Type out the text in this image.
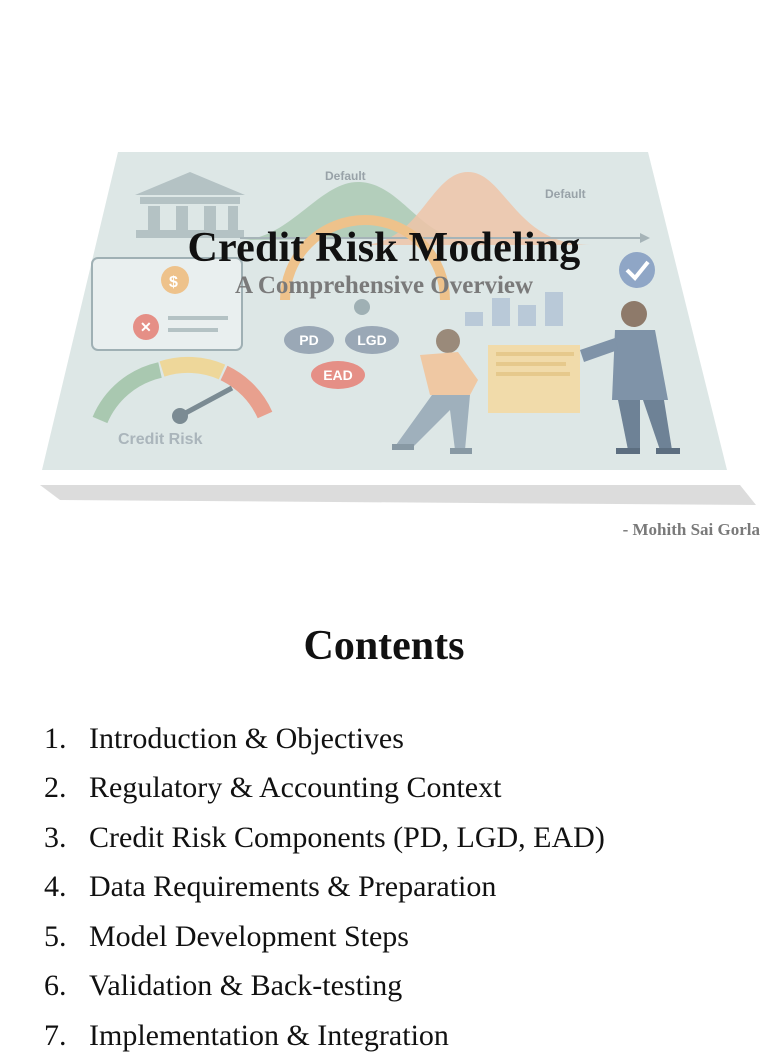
Default
Default
$
✕
PD	LGD
EAD
Credit Risk
Credit Risk Modeling
A Comprehensive Overview
- Mohith Sai Gorla
Contents
1. Introduction & Objectives
2. Regulatory & Accounting Context
3. Credit Risk Components (PD, LGD, EAD)
4. Data Requirements & Preparation
5. Model Development Steps
6. Validation & Back-testing
7. Implementation & Integration
